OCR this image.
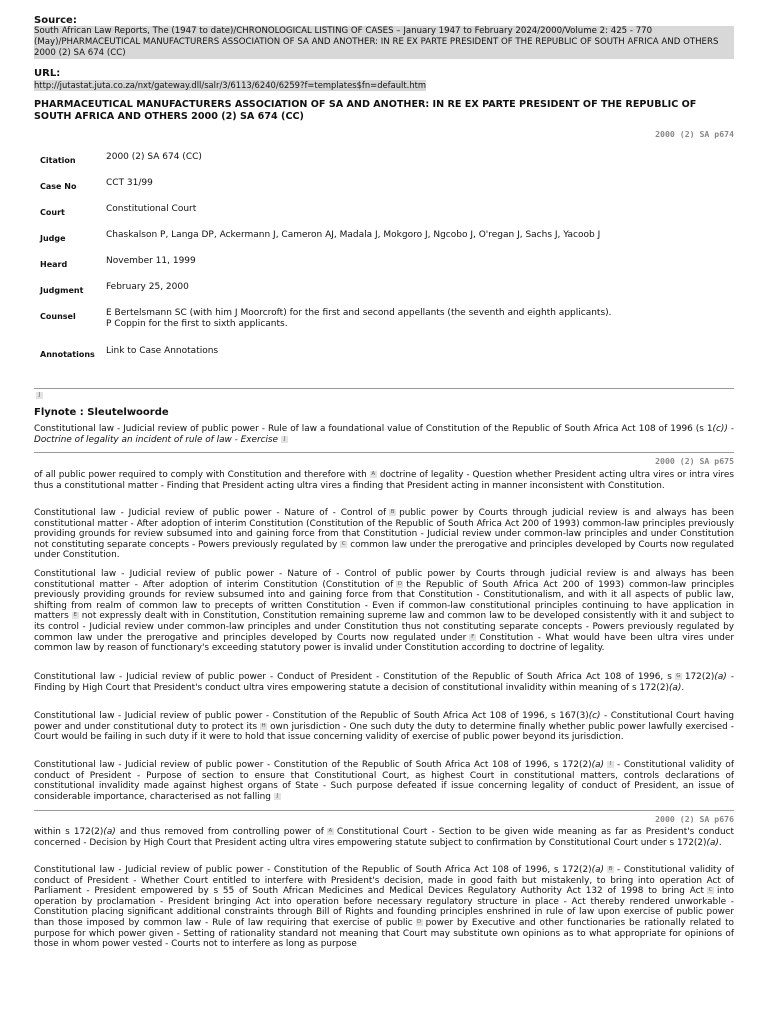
Source:
South African Law Reports, The (1947 to date)/CHRONOLOGICAL LISTING OF CASES – January 1947 to February 2024/2000/Volume 2: 425 - 770 (May)/PHARMACEUTICAL MANUFACTURERS ASSOCIATION OF SA AND ANOTHER: IN RE EX PARTE PRESIDENT OF THE REPUBLIC OF SOUTH AFRICA AND OTHERS 2000 (2) SA 674 (CC)
URL:
http://jutastat.juta.co.za/nxt/gateway.dll/salr/3/6113/6240/6259?f=templates$fn=default.htm
PHARMACEUTICAL MANUFACTURERS ASSOCIATION OF SA AND ANOTHER: IN RE EX PARTE PRESIDENT OF THE REPUBLIC OF SOUTH AFRICA AND OTHERS 2000 (2) SA 674 (CC)
2000 (2) SA p674
Citation	2000 (2) SA 674 (CC)
Case No	CCT 31/99
Court	Constitutional Court
Judge	Chaskalson P, Langa DP, Ackermann J, Cameron AJ, Madala J, Mokgoro J, Ngcobo J, O'regan J, Sachs J, Yacoob J
Heard	November 11, 1999
Judgment	February 25, 2000
Counsel	E Bertelsmann SC (with him J Moorcroft) for the first and second appellants (the seventh and eighth applicants).
P Coppin for the first to sixth applicants.
Annotations	Link to Case Annotations
J
Flynote : Sleutelwoorde
Constitutional law - Judicial review of public power - Rule of law a foundational value of Constitution of the Republic of South Africa Act 108 of 1996 (s 1(c)) - Doctrine of legality an incident of rule of law - Exercise J
2000 (2) SA p675
of all public power required to comply with Constitution and therefore with A doctrine of legality - Question whether President acting ultra vires or intra vires thus a constitutional matter - Finding that President acting ultra vires a finding that President acting in manner inconsistent with Constitution.
Constitutional law - Judicial review of public power - Nature of - Control of B public power by Courts through judicial review is and always has been constitutional matter - After adoption of interim Constitution (Constitution of the Republic of South Africa Act 200 of 1993) common-law principles previously providing grounds for review subsumed into and gaining force from that Constitution - Judicial review under common-law principles and under Constitution not constituting separate concepts - Powers previously regulated by C common law under the prerogative and principles developed by Courts now regulated under Constitution.
Constitutional law - Judicial review of public power - Nature of - Control of public power by Courts through judicial review is and always has been constitutional matter - After adoption of interim Constitution (Constitution of D the Republic of South Africa Act 200 of 1993) common-law principles previously providing grounds for review subsumed into and gaining force from that Constitution - Constitutionalism, and with it all aspects of public law, shifting from realm of common law to precepts of written Constitution - Even if common-law constitutional principles continuing to have application in matters E not expressly dealt with in Constitution, Constitution remaining supreme law and common law to be developed consistently with it and subject to its control - Judicial review under common-law principles and under Constitution thus not constituting separate concepts - Powers previously regulated by common law under the prerogative and principles developed by Courts now regulated under F Constitution - What would have been ultra vires under common law by reason of functionary's exceeding statutory power is invalid under Constitution according to doctrine of legality.
Constitutional law - Judicial review of public power - Conduct of President - Constitution of the Republic of South Africa Act 108 of 1996, s G 172(2)(a) - Finding by High Court that President's conduct ultra vires empowering statute a decision of constitutional invalidity within meaning of s 172(2)(a).
Constitutional law - Judicial review of public power - Constitution of the Republic of South Africa Act 108 of 1996, s 167(3)(c) - Constitutional Court having power and under constitutional duty to protect its H own jurisdiction - One such duty the duty to determine finally whether public power lawfully exercised - Court would be failing in such duty if it were to hold that issue concerning validity of exercise of public power beyond its jurisdiction.
Constitutional law - Judicial review of public power - Constitution of the Republic of South Africa Act 108 of 1996, s 172(2)(a) I - Constitutional validity of conduct of President - Purpose of section to ensure that Constitutional Court, as highest Court in constitutional matters, controls declarations of constitutional invalidity made against highest organs of State - Such purpose defeated if issue concerning legality of conduct of President, an issue of considerable importance, characterised as not falling J
2000 (2) SA p676
within s 172(2)(a) and thus removed from controlling power of A Constitutional Court - Section to be given wide meaning as far as President's conduct concerned - Decision by High Court that President acting ultra vires empowering statute subject to confirmation by Constitutional Court under s 172(2)(a).
Constitutional law - Judicial review of public power - Constitution of the Republic of South Africa Act 108 of 1996, s 172(2)(a) B - Constitutional validity of conduct of President - Whether Court entitled to interfere with President's decision, made in good faith but mistakenly, to bring into operation Act of Parliament - President empowered by s 55 of South African Medicines and Medical Devices Regulatory Authority Act 132 of 1998 to bring Act C into operation by proclamation - President bringing Act into operation before necessary regulatory structure in place - Act thereby rendered unworkable - Constitution placing significant additional constraints through Bill of Rights and founding principles enshrined in rule of law upon exercise of public power than those imposed by common law - Rule of law requiring that exercise of public D power by Executive and other functionaries be rationally related to purpose for which power given - Setting of rationality standard not meaning that Court may substitute own opinions as to what appropriate for opinions of those in whom power vested - Courts not to interfere as long as purpose
